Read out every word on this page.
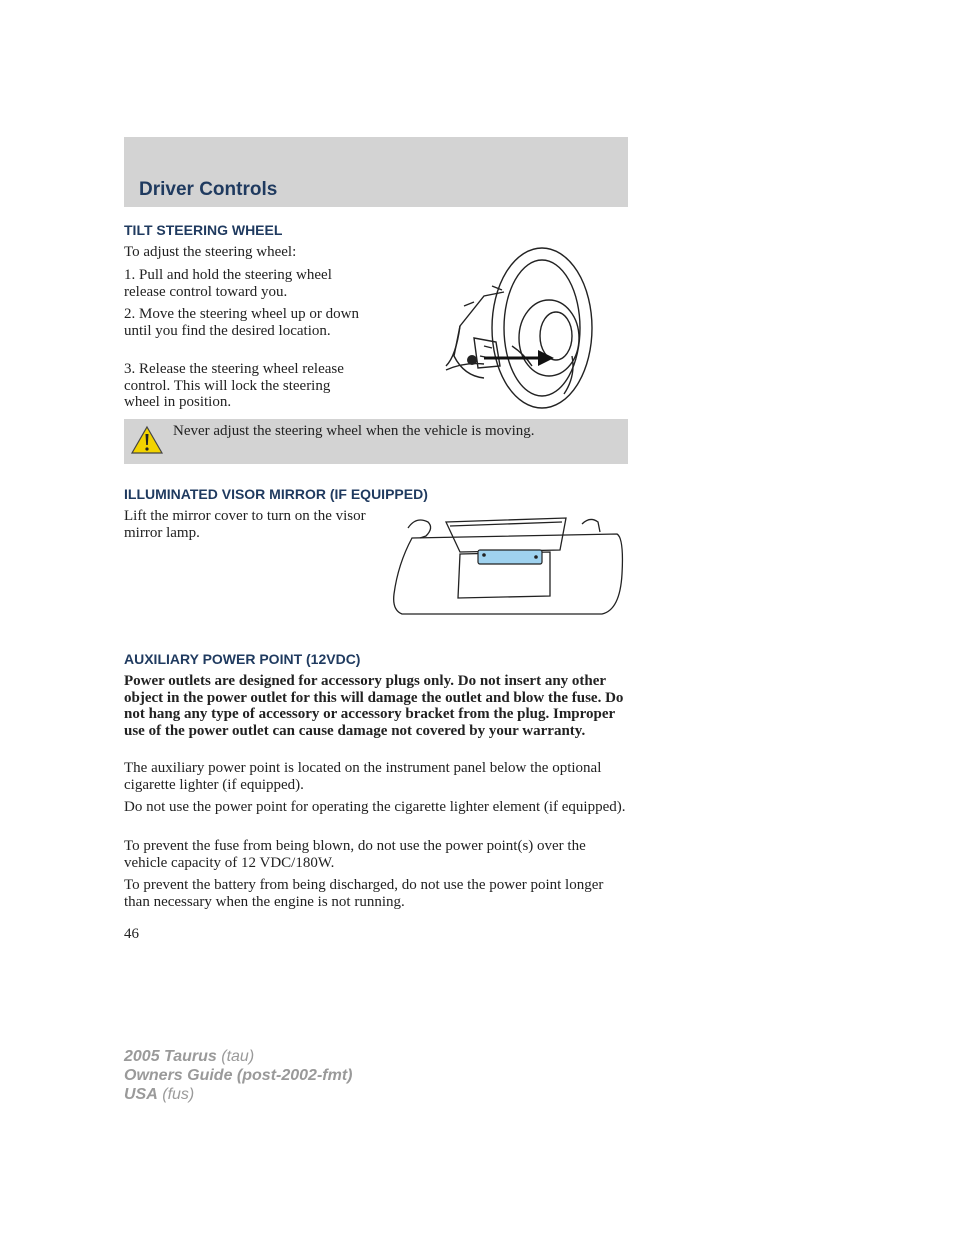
Driver Controls
TILT STEERING WHEEL

To adjust the steering wheel:

1. Pull and hold the steering wheel release control toward you.

2. Move the steering wheel up or down until you find the desired location.

3. Release the steering wheel release control. This will lock the steering wheel in position.

Never adjust the steering wheel when the vehicle is moving.

ILLUMINATED VISOR MIRROR (IF EQUIPPED)

Lift the mirror cover to turn on the visor mirror lamp.

AUXILIARY POWER POINT (12VDC)

Power outlets are designed for accessory plugs only. Do not insert any other object in the power outlet for this will damage the outlet and blow the fuse. Do not hang any type of accessory or accessory bracket from the plug. Improper use of the power outlet can cause damage not covered by your warranty.

The auxiliary power point is located on the instrument panel below the optional cigarette lighter (if equipped).

Do not use the power point for operating the cigarette lighter element (if equipped).

To prevent the fuse from being blown, do not use the power point(s) over the vehicle capacity of 12 VDC/180W.

To prevent the battery from being discharged, do not use the power point longer than necessary when the engine is not running.

46

2005 Taurus (tau)
Owners Guide (post-2002-fmt)
USA (fus)
